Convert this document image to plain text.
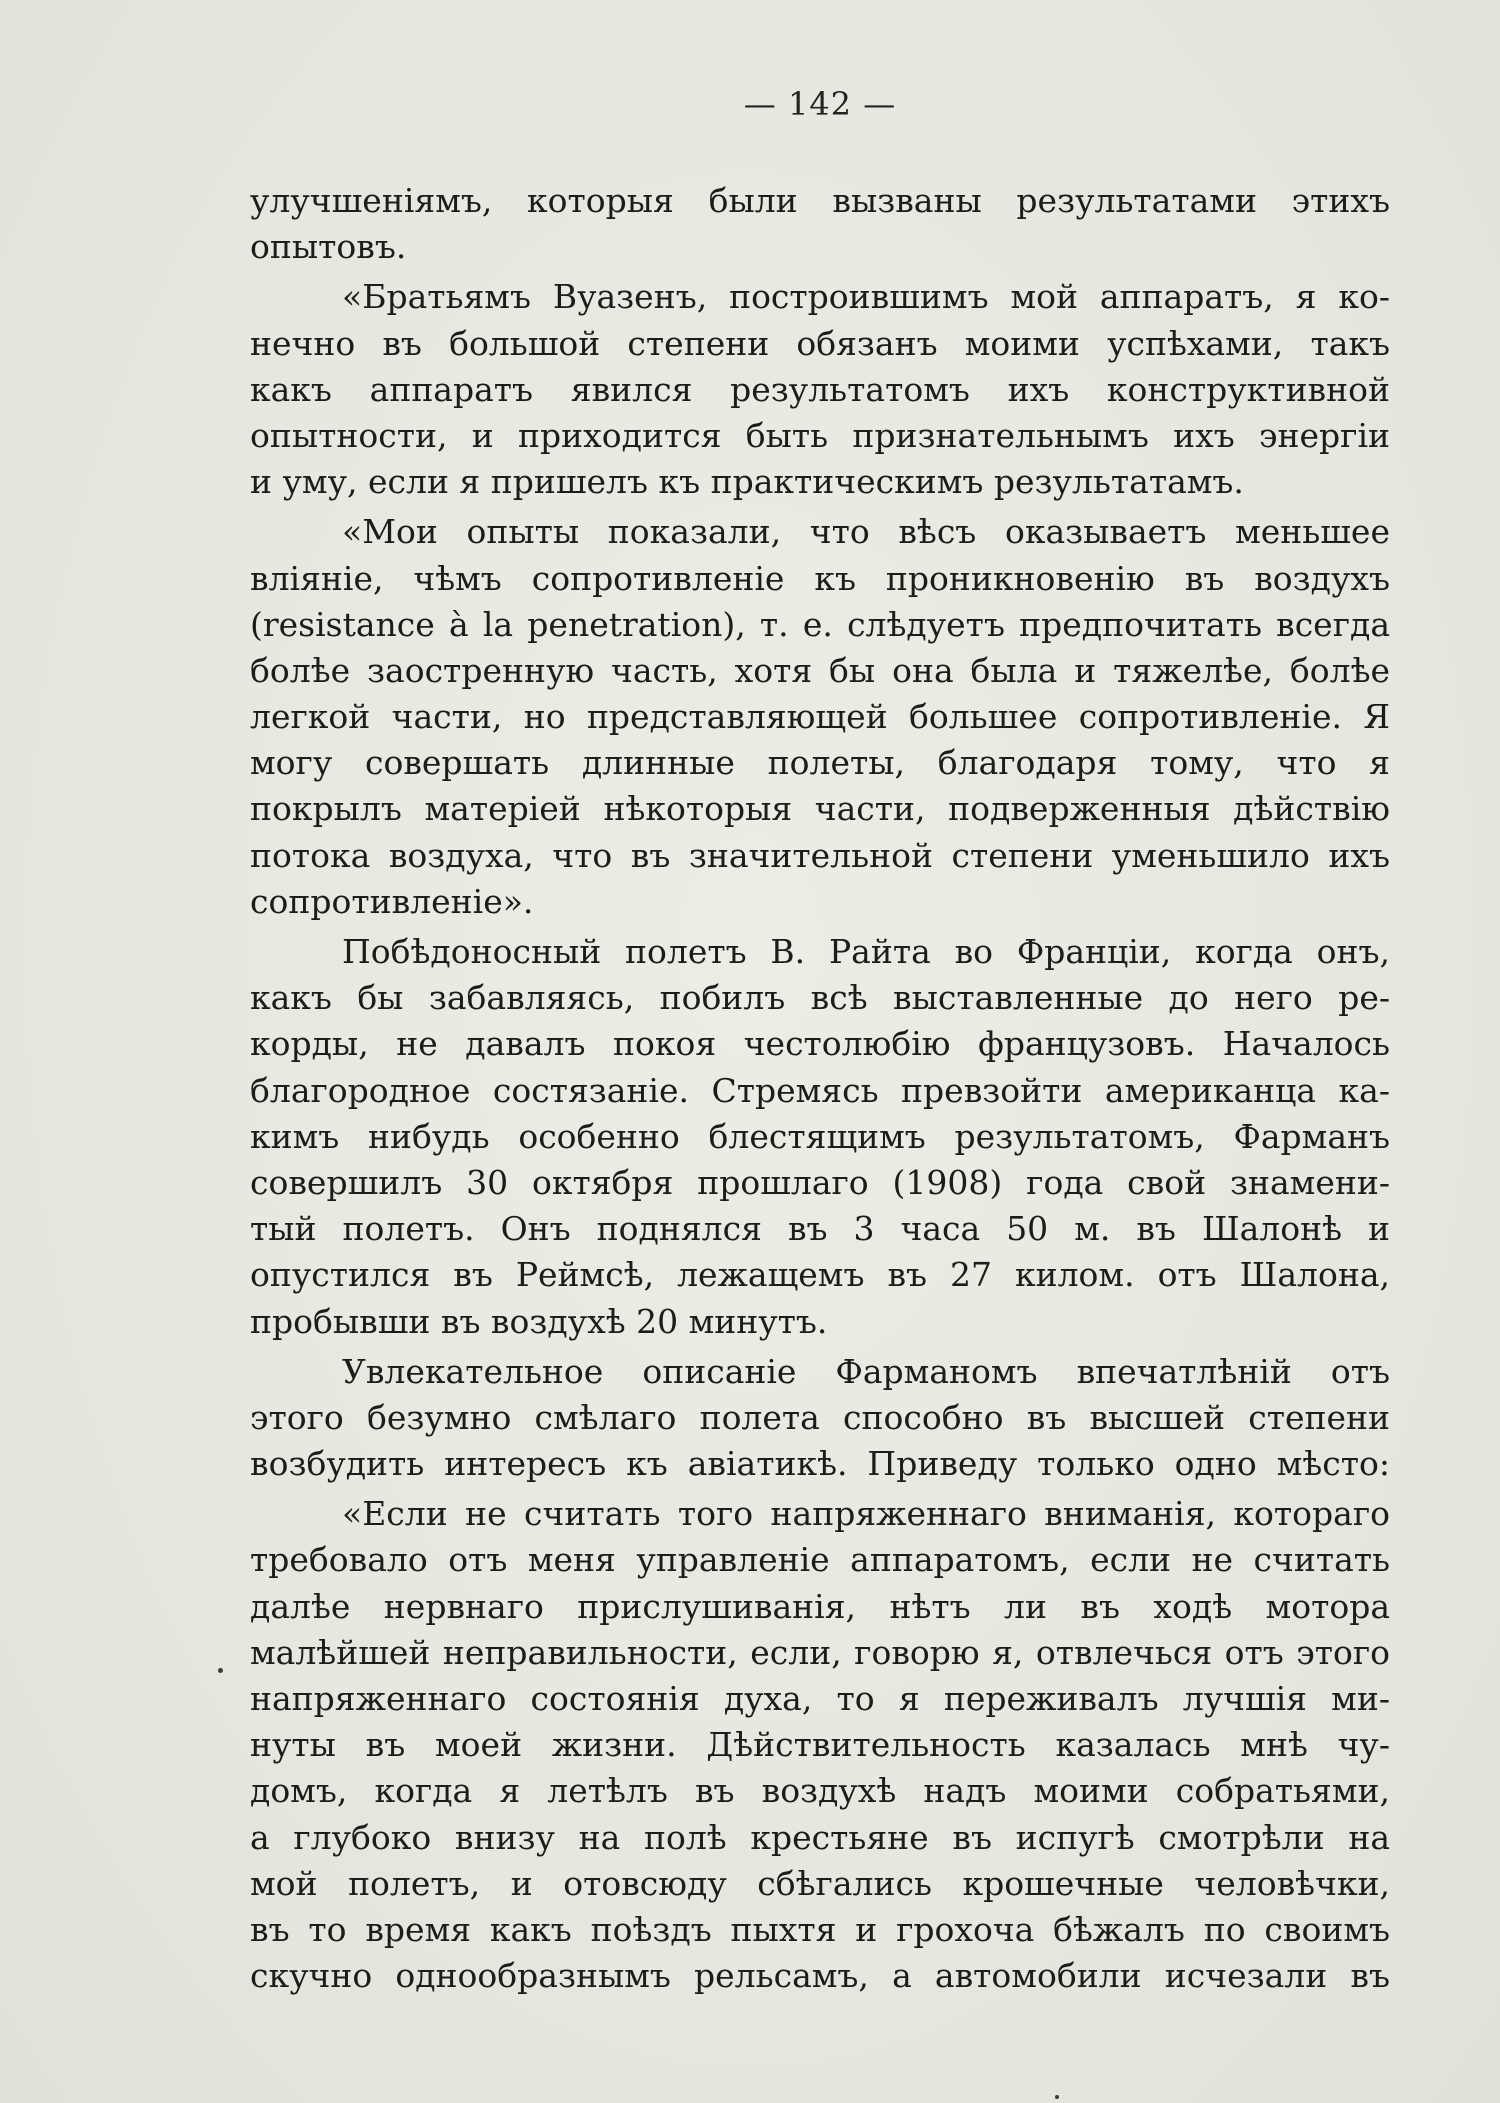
— 142 —
улучшеніямъ, которыя были вызваны результатами этихъ
опытовъ.
«Братьямъ Вуазенъ, построившимъ мой аппаратъ, я ко-
нечно въ большой степени обязанъ моими успѣхами, такъ
какъ аппаратъ явился результатомъ ихъ конструктивной
опытности, и приходится быть признательнымъ ихъ энергіи
и уму, если я пришелъ къ практическимъ результатамъ.
«Мои опыты показали, что вѣсъ оказываетъ меньшее
вліяніе, чѣмъ сопротивленіе къ проникновенію въ воздухъ
(resistance à la penetration), т. е. слѣдуетъ предпочитать всегда
болѣе заостренную часть, хотя бы она была и тяжелѣе, болѣе
легкой части, но представляющей большее сопротивленіе. Я
могу совершать длинные полеты, благодаря тому, что я
покрылъ матеріей нѣкоторыя части, подверженныя дѣйствію
потока воздуха, что въ значительной степени уменьшило ихъ
сопротивленіе».
Побѣдоносный полетъ В. Райта во Франціи, когда онъ,
какъ бы забавляясь, побилъ всѣ выставленные до него ре-
корды, не давалъ покоя честолюбію французовъ. Началось
благородное состязаніе. Стремясь превзойти американца ка-
кимъ нибудь особенно блестящимъ результатомъ, Фарманъ
совершилъ 30 октября прошлаго (1908) года свой знамени-
тый полетъ. Онъ поднялся въ 3 часа 50 м. въ Шалонѣ и
опустился въ Реймсѣ, лежащемъ въ 27 килом. отъ Шалона,
пробывши въ воздухѣ 20 минутъ.
Увлекательное описаніе Фарманомъ впечатлѣній отъ
этого безумно смѣлаго полета способно въ высшей степени
возбудить интересъ къ авіатикѣ. Приведу только одно мѣсто:
«Если не считать того напряженнаго вниманія, котораго
требовало отъ меня управленіе аппаратомъ, если не считать
далѣе нервнаго прислушиванія, нѣтъ ли въ ходѣ мотора
малѣйшей неправильности, если, говорю я, отвлечься отъ этого
напряженнаго состоянія духа, то я переживалъ лучшія ми-
нуты въ моей жизни. Дѣйствительность казалась мнѣ чу-
домъ, когда я летѣлъ въ воздухѣ надъ моими собратьями,
а глубоко внизу на полѣ крестьяне въ испугѣ смотрѣли на
мой полетъ, и отовсюду сбѣгались крошечные человѣчки,
въ то время какъ поѣздъ пыхтя и грохоча бѣжалъ по своимъ
скучно однообразнымъ рельсамъ, а автомобили исчезали въ
